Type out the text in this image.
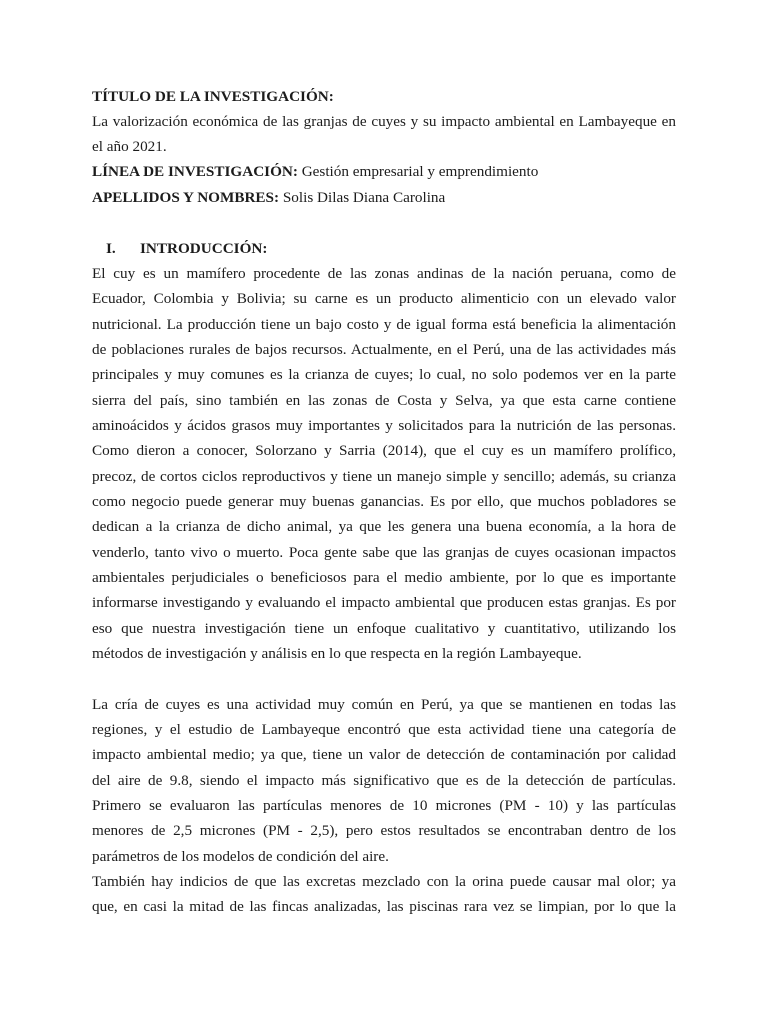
TÍTULO DE LA INVESTIGACIÓN:
La valorización económica de las granjas de cuyes y su impacto ambiental en Lambayeque en
el año 2021.
LÍNEA DE INVESTIGACIÓN: Gestión empresarial y emprendimiento
APELLIDOS Y NOMBRES: Solis Dilas Diana Carolina
I. INTRODUCCIÓN:
El cuy es un mamífero procedente de las zonas andinas de la nación peruana, como de
Ecuador, Colombia y Bolivia; su carne es un producto alimenticio con un elevado valor
nutricional. La producción tiene un bajo costo y de igual forma está beneficia la alimentación
de poblaciones rurales de bajos recursos. Actualmente, en el Perú, una de las actividades más
principales y muy comunes es la crianza de cuyes; lo cual, no solo podemos ver en la parte
sierra del país, sino también en las zonas de Costa y Selva, ya que esta carne contiene
aminoácidos y ácidos grasos muy importantes y solicitados para la nutrición de las personas.
Como dieron a conocer, Solorzano y Sarria (2014), que el cuy es un mamífero prolífico,
precoz, de cortos ciclos reproductivos y tiene un manejo simple y sencillo; además, su crianza
como negocio puede generar muy buenas ganancias. Es por ello, que muchos pobladores se
dedican a la crianza de dicho animal, ya que les genera una buena economía, a la hora de
venderlo, tanto vivo o muerto. Poca gente sabe que las granjas de cuyes ocasionan impactos
ambientales perjudiciales o beneficiosos para el medio ambiente, por lo que es importante
informarse investigando y evaluando el impacto ambiental que producen estas granjas. Es por
eso que nuestra investigación tiene un enfoque cualitativo y cuantitativo, utilizando los
métodos de investigación y análisis en lo que respecta en la región Lambayeque.
La cría de cuyes es una actividad muy común en Perú, ya que se mantienen en todas las
regiones, y el estudio de Lambayeque encontró que esta actividad tiene una categoría de
impacto ambiental medio; ya que, tiene un valor de detección de contaminación por calidad
del aire de 9.8, siendo el impacto más significativo que es de la detección de partículas.
Primero se evaluaron las partículas menores de 10 micrones (PM - 10) y las partículas
menores de 2,5 micrones (PM - 2,5), pero estos resultados se encontraban dentro de los
parámetros de los modelos de condición del aire.
También hay indicios de que las excretas mezclado con la orina puede causar mal olor; ya
que, en casi la mitad de las fincas analizadas, las piscinas rara vez se limpian, por lo que la
